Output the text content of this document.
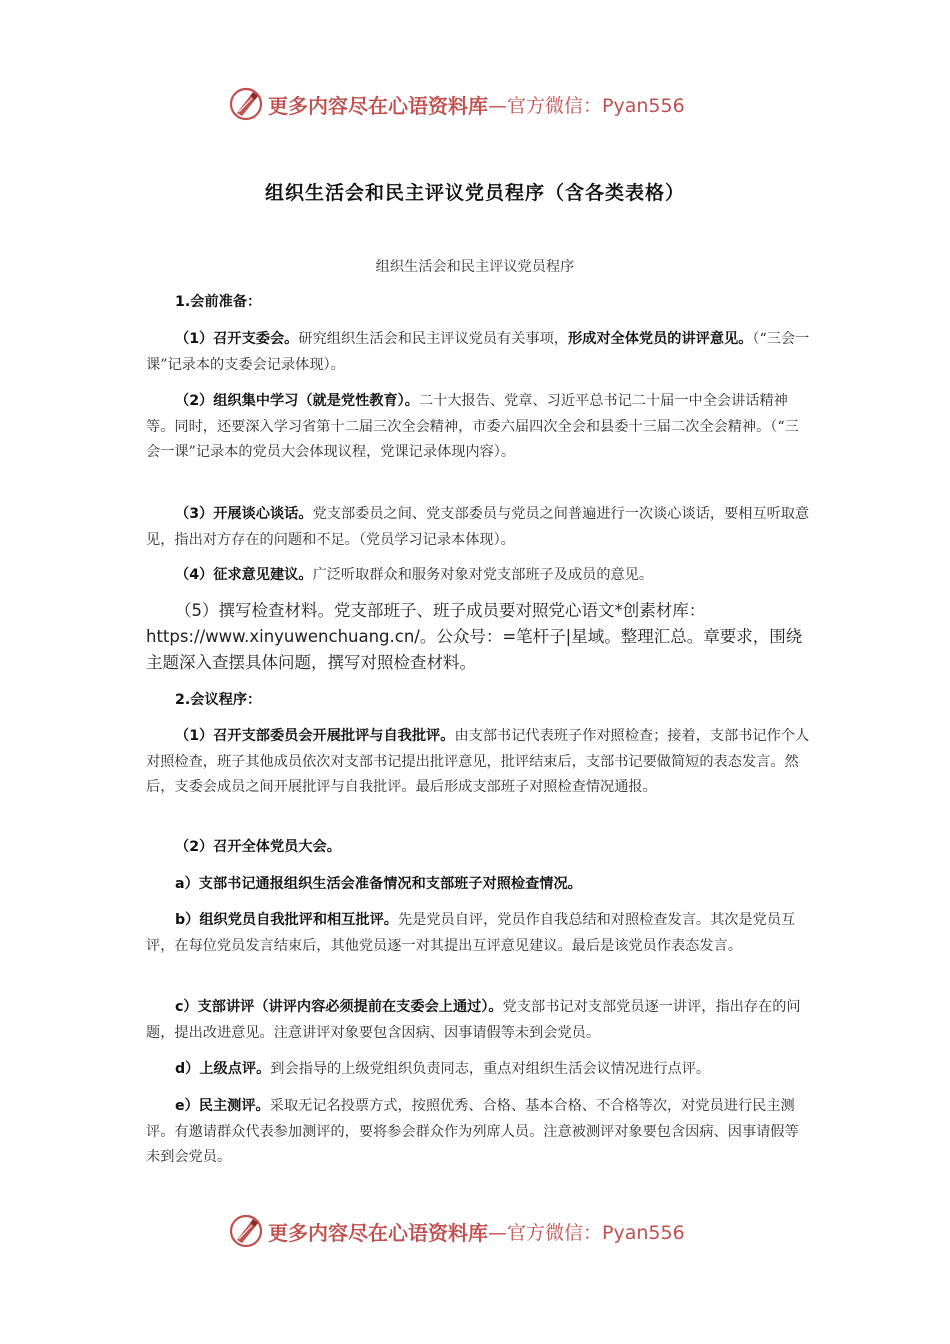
更多内容尽在心语资料库 —官方微信：Pyan556
组织生活会和民主评议党员程序（含各类表格）
组织生活会和民主评议党员程序
1.会前准备：
（1）召开支委会。研究组织生活会和民主评议党员有关事项，形成对全体党员的讲评意见。（“三会一课”记录本的支委会记录体现）。
（2）组织集中学习（就是党性教育）。二十大报告、党章、习近平总书记二十届一中全会讲话精神等。同时，还要深入学习省第十二届三次全会精神，市委六届四次全会和县委十三届二次全会精神。（“三会一课”记录本的党员大会体现议程，党课记录体现内容）。
（3）开展谈心谈话。党支部委员之间、党支部委员与党员之间普遍进行一次谈心谈话，要相互听取意见，指出对方存在的问题和不足。（党员学习记录本体现）。
（4）征求意见建议。广泛听取群众和服务对象对党支部班子及成员的意见。
（5）撰写检查材料。党支部班子、班子成员要对照党心语文*创素材库：https://www.xinyuwenchuang.cn/。公众号：=笔杆子|星域。整理汇总。章要求，围绕主题深入查摆具体问题，撰写对照检查材料。
2.会议程序：
（1）召开支部委员会开展批评与自我批评。由支部书记代表班子作对照检查；接着，支部书记作个人对照检查，班子其他成员依次对支部书记提出批评意见，批评结束后，支部书记要做简短的表态发言。然后，支委会成员之间开展批评与自我批评。最后形成支部班子对照检查情况通报。
（2）召开全体党员大会。
a）支部书记通报组织生活会准备情况和支部班子对照检查情况。
b）组织党员自我批评和相互批评。先是党员自评，党员作自我总结和对照检查发言。其次是党员互评，在每位党员发言结束后，其他党员逐一对其提出互评意见建议。最后是该党员作表态发言。
c）支部讲评（讲评内容必须提前在支委会上通过）。党支部书记对支部党员逐一讲评，指出存在的问题，提出改进意见。注意讲评对象要包含因病、因事请假等未到会党员。
d）上级点评。到会指导的上级党组织负责同志，重点对组织生活会议情况进行点评。
e）民主测评。采取无记名投票方式，按照优秀、合格、基本合格、不合格等次，对党员进行民主测评。有邀请群众代表参加测评的，要将参会群众作为列席人员。注意被测评对象要包含因病、因事请假等未到会党员。
更多内容尽在心语资料库 —官方微信：Pyan556
